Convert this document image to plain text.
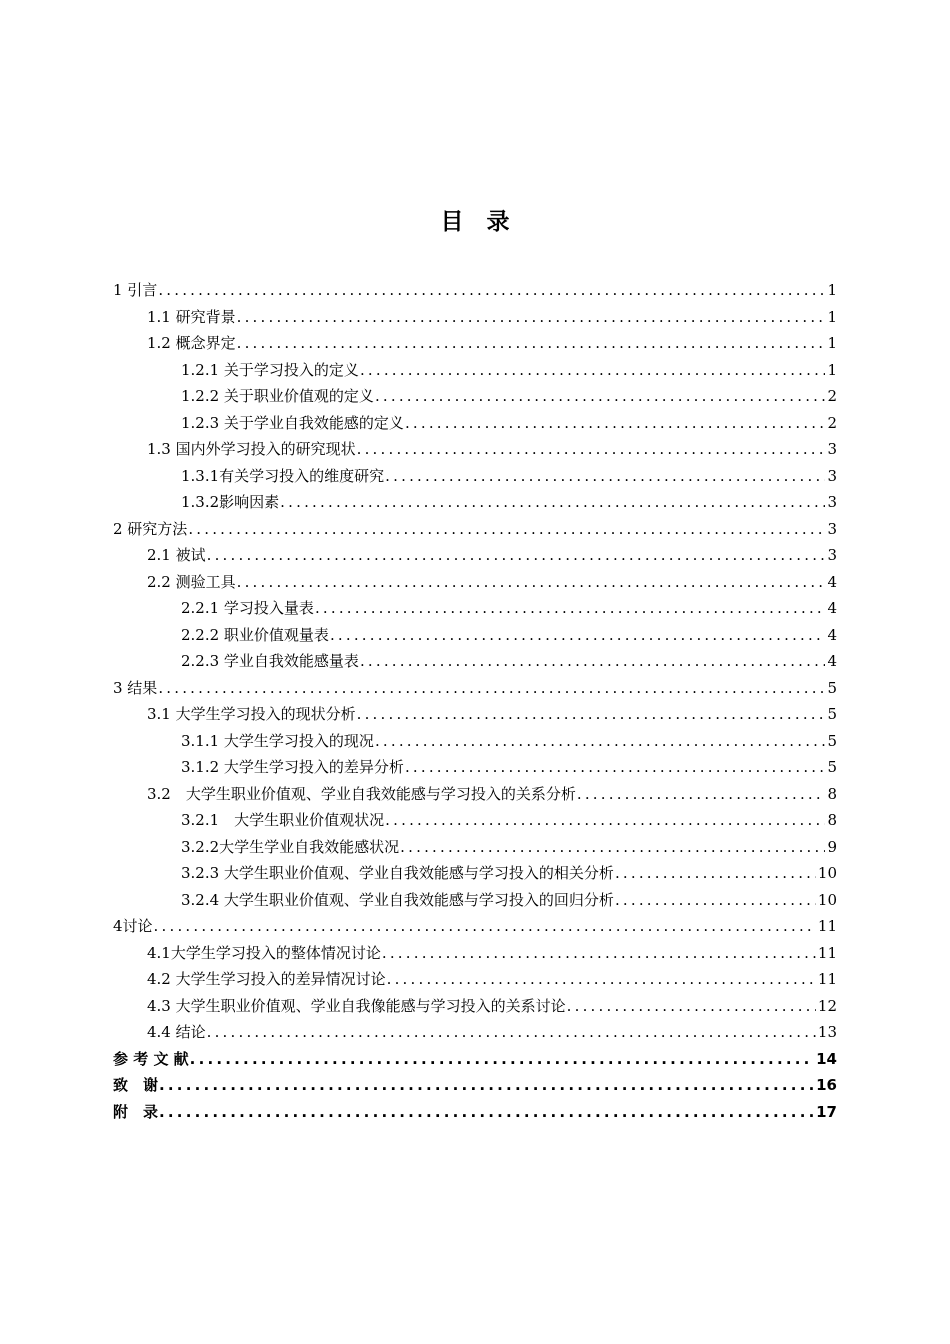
目　录
1 引言 .....	1
1.1 研究背景 .....	1
1.2 概念界定 .....	1
1.2.1 关于学习投入的定义 .....	1
1.2.2 关于职业价值观的定义 .....	2
1.2.3 关于学业自我效能感的定义 .....	2
1.3 国内外学习投入的研究现状 .....	3
1.3.1有关学习投入的维度研究 .....	3
1.3.2影响因素 .....	3
2 研究方法 .....	3
2.1 被试 .....	3
2.2 测验工具 .....	4
2.2.1 学习投入量表 .....	4
2.2.2 职业价值观量表 .....	4
2.2.3 学业自我效能感量表 .....	4
3 结果 .....	5
3.1 大学生学习投入的现状分析 .....	5
3.1.1 大学生学习投入的现况 .....	5
3.1.2 大学生学习投入的差异分析 .....	5
3.2　大学生职业价值观、学业自我效能感与学习投入的关系分析 .....	8
3.2.1　大学生职业价值观状况 .....	8
3.2.2大学生学业自我效能感状况 .....	9
3.2.3 大学生职业价值观、学业自我效能感与学习投入的相关分析 .....	10
3.2.4 大学生职业价值观、学业自我效能感与学习投入的回归分析 .....	10
4讨论 .....	11
4.1大学生学习投入的整体情况讨论 .....	11
4.2 大学生学习投入的差异情况讨论 .....	11
4.3 大学生职业价值观、学业自我像能感与学习投入的关系讨论 .....	12
4.4 结论 .....	13
参 考 文 献 .....	14
致　谢 .....	16
附　录 .....	17
